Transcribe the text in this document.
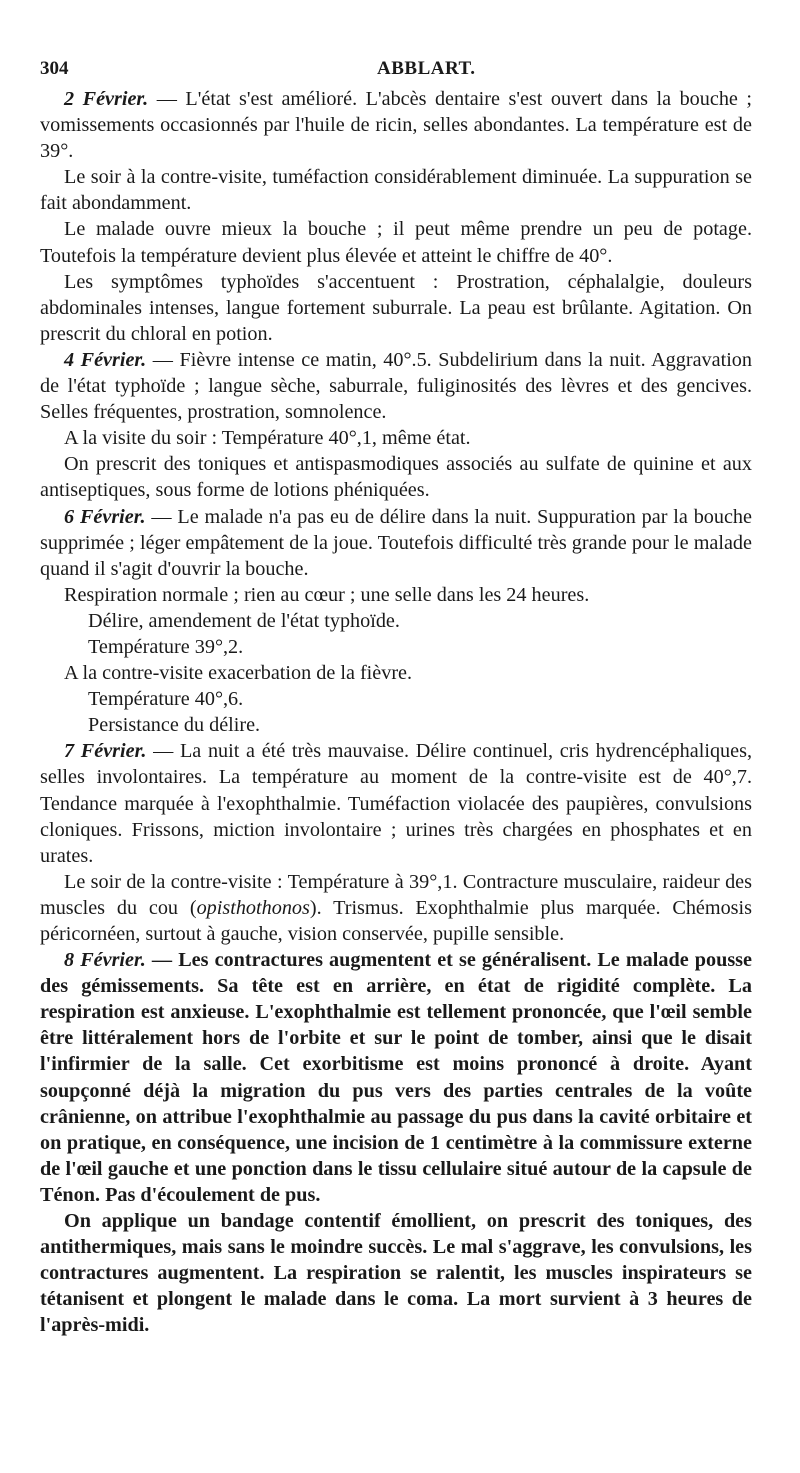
304	ABBLART.

2 Février. — L'état s'est amélioré. L'abcès dentaire s'est ouvert dans la bouche ; vomissements occasionnés par l'huile de ricin, selles abondantes. La température est de 39°.

Le soir à la contre-visite, tuméfaction considérablement diminuée. La suppuration se fait abondamment.

Le malade ouvre mieux la bouche ; il peut même prendre un peu de potage. Toutefois la température devient plus élevée et atteint le chiffre de 40°.

Les symptômes typhoïdes s'accentuent : Prostration, céphalalgie, douleurs abdominales intenses, langue fortement suburrale. La peau est brûlante. Agitation. On prescrit du chloral en potion.

4 Février. — Fièvre intense ce matin, 40°.5. Subdelirium dans la nuit. Aggravation de l'état typhoïde ; langue sèche, saburrale, fuliginosités des lèvres et des gencives. Selles fréquentes, prostration, somnolence.

A la visite du soir : Température 40°,1, même état.

On prescrit des toniques et antispasmodiques associés au sulfate de quinine et aux antiseptiques, sous forme de lotions phéniquées.

6 Février. — Le malade n'a pas eu de délire dans la nuit. Suppuration par la bouche supprimée ; léger empâtement de la joue. Toutefois difficulté très grande pour le malade quand il s'agit d'ouvrir la bouche.

Respiration normale ; rien au cœur ; une selle dans les 24 heures.

Délire, amendement de l'état typhoïde.

Température 39°,2.

A la contre-visite exacerbation de la fièvre.

Température 40°,6.

Persistance du délire.

7 Février. — La nuit a été très mauvaise. Délire continuel, cris hydrencéphaliques, selles involontaires. La température au moment de la contre-visite est de 40°,7. Tendance marquée à l'exophthalmie. Tuméfaction violacée des paupières, convulsions cloniques. Frissons, miction involontaire ; urines très chargées en phosphates et en urates.

Le soir de la contre-visite : Température à 39°,1. Contracture musculaire, raideur des muscles du cou (opisthothonos). Trismus. Exophthalmie plus marquée. Chémosis péricornéen, surtout à gauche, vision conservée, pupille sensible.

8 Février. — Les contractures augmentent et se généralisent. Le malade pousse des gémissements. Sa tête est en arrière, en état de rigidité complète. La respiration est anxieuse. L'exophthalmie est tellement prononcée, que l'œil semble être littéralement hors de l'orbite et sur le point de tomber, ainsi que le disait l'infirmier de la salle. Cet exorbitisme est moins prononcé à droite. Ayant soupçonné déjà la migration du pus vers des parties centrales de la voûte crânienne, on attribue l'exophthalmie au passage du pus dans la cavité orbitaire et on pratique, en conséquence, une incision de 1 centimètre à la commissure externe de l'œil gauche et une ponction dans le tissu cellulaire situé autour de la capsule de Ténon. Pas d'écoulement de pus.

On applique un bandage contentif émollient, on prescrit des toniques, des antithermiques, mais sans le moindre succès. Le mal s'aggrave, les convulsions, les contractures augmentent. La respiration se ralentit, les muscles inspirateurs se tétanisent et plongent le malade dans le coma. La mort survient à 3 heures de l'après-midi.
